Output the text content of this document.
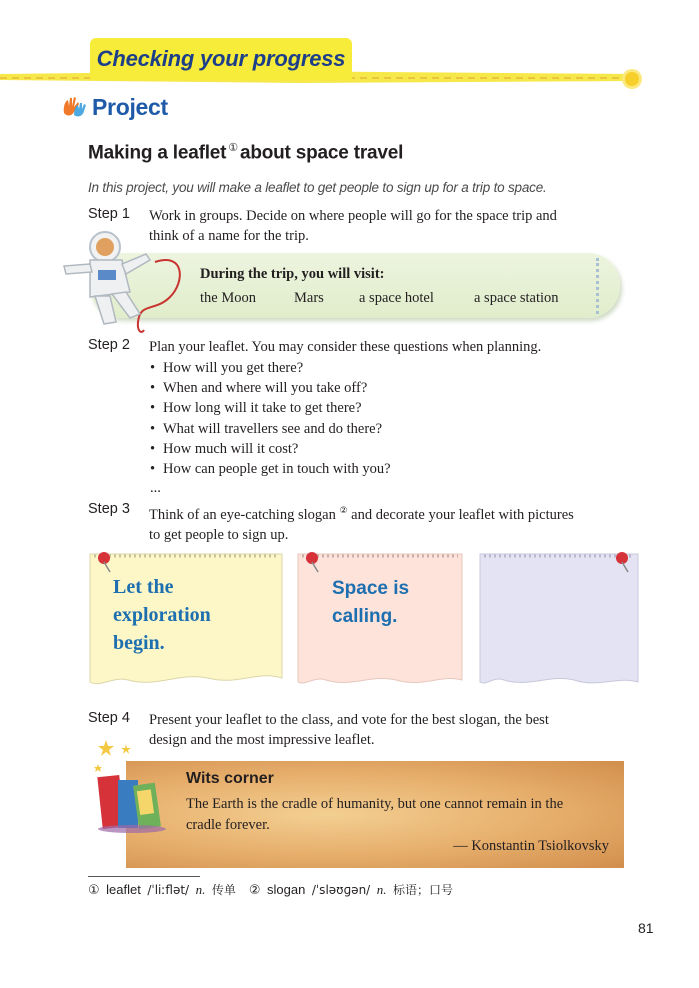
Checking your progress
Project
Making a leaflet ① about space travel
In this project, you will make a leaflet to get people to sign up for a trip to space.
Step 1 Work in groups. Decide on where people will go for the space trip and
think of a name for the trip.
During the trip, you will visit:
the Moon	Mars a space hotel	a space station
Step 2 Plan your leaflet. You may consider these questions when planning.
• How will you get there?
• When and where will you take off?
• How long will it take to get there?
• What will travellers see and do there?
• How much will it cost?
• How can people get in touch with you?
...
Step 3 Think of an eye-catching slogan ② and decorate your leaflet with pictures
to get people to sign up.
Let the
exploration
begin.
Space is
calling.
Step 4 Present your leaflet to the class, and vote for the best slogan, the best
design and the most impressive leaflet.
Wits corner
The Earth is the cradle of humanity, but one cannot remain in the
cradle forever.
— Konstantin Tsiolkovsky
① leaflet /ˈliːflət/ n. 传单 ② slogan /ˈsləʊɡən/ n. 标语；口号
81
